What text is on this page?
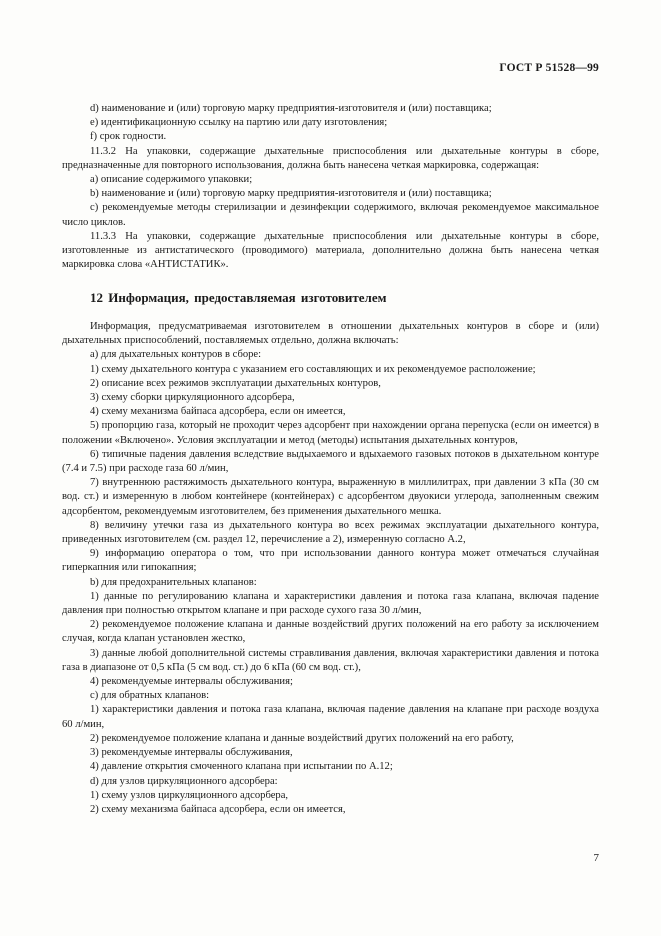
ГОСТ Р 51528—99

d) наименование и (или) торговую марку предприятия-изготовителя и (или) поставщика;

e) идентификационную ссылку на партию или дату изготовления;

f) срок годности.

11.3.2 На упаковки, содержащие дыхательные приспособления или дыхательные контуры в сборе, предназначенные для повторного использования, должна быть нанесена четкая маркировка, содержащая:

a) описание содержимого упаковки;

b) наименование и (или) торговую марку предприятия-изготовителя и (или) поставщика;

c) рекомендуемые методы стерилизации и дезинфекции содержимого, включая рекомендуемое максимальное число циклов.

11.3.3 На упаковки, содержащие дыхательные приспособления или дыхательные контуры в сборе, изготовленные из антистатического (проводимого) материала, дополнительно должна быть нанесена четкая маркировка слова «АНТИСТАТИК».

12 Информация, предоставляемая изготовителем

Информация, предусматриваемая изготовителем в отношении дыхательных контуров в сборе и (или) дыхательных приспособлений, поставляемых отдельно, должна включать:

a) для дыхательных контуров в сборе:

1) схему дыхательного контура с указанием его составляющих и их рекомендуемое расположение;

2) описание всех режимов эксплуатации дыхательных контуров,

3) схему сборки циркуляционного адсорбера,

4) схему механизма байпаса адсорбера, если он имеется,

5) пропорцию газа, который не проходит через адсорбент при нахождении органа перепуска (если он имеется) в положении «Включено». Условия эксплуатации и метод (методы) испытания дыхательных контуров,

6) типичные падения давления вследствие выдыхаемого и вдыхаемого газовых потоков в дыхательном контуре (7.4 и 7.5) при расходе газа 60 л/мин,

7) внутреннюю растяжимость дыхательного контура, выраженную в миллилитрах, при давлении 3 кПа (30 см вод. ст.) и измеренную в любом контейнере (контейнерах) с адсорбентом двуокиси углерода, заполненным свежим адсорбентом, рекомендуемым изготовителем, без применения дыхательного мешка.

8) величину утечки газа из дыхательного контура во всех режимах эксплуатации дыхательного контура, приведенных изготовителем (см. раздел 12, перечисление а 2), измеренную согласно А.2,

9) информацию оператора о том, что при использовании данного контура может отмечаться случайная гиперкапния или гипокапния;

b) для предохранительных клапанов:

1) данные по регулированию клапана и характеристики давления и потока газа клапана, включая падение давления при полностью открытом клапане и при расходе сухого газа 30 л/мин,

2) рекомендуемое положение клапана и данные воздействий других положений на его работу за исключением случая, когда клапан установлен жестко,

3) данные любой дополнительной системы стравливания давления, включая характеристики давления и потока газа в диапазоне от 0,5 кПа (5 см вод. ст.) до 6 кПа (60 см вод. ст.),

4) рекомендуемые интервалы обслуживания;

c) для обратных клапанов:

1) характеристики давления и потока газа клапана, включая падение давления на клапане при расходе воздуха 60 л/мин,

2) рекомендуемое положение клапана и данные воздействий других положений на его работу,

3) рекомендуемые интервалы обслуживания,

4) давление открытия смоченного клапана при испытании по А.12;

d) для узлов циркуляционного адсорбера:

1) схему узлов циркуляционного адсорбера,

2) схему механизма байпаса адсорбера, если он имеется,

7
